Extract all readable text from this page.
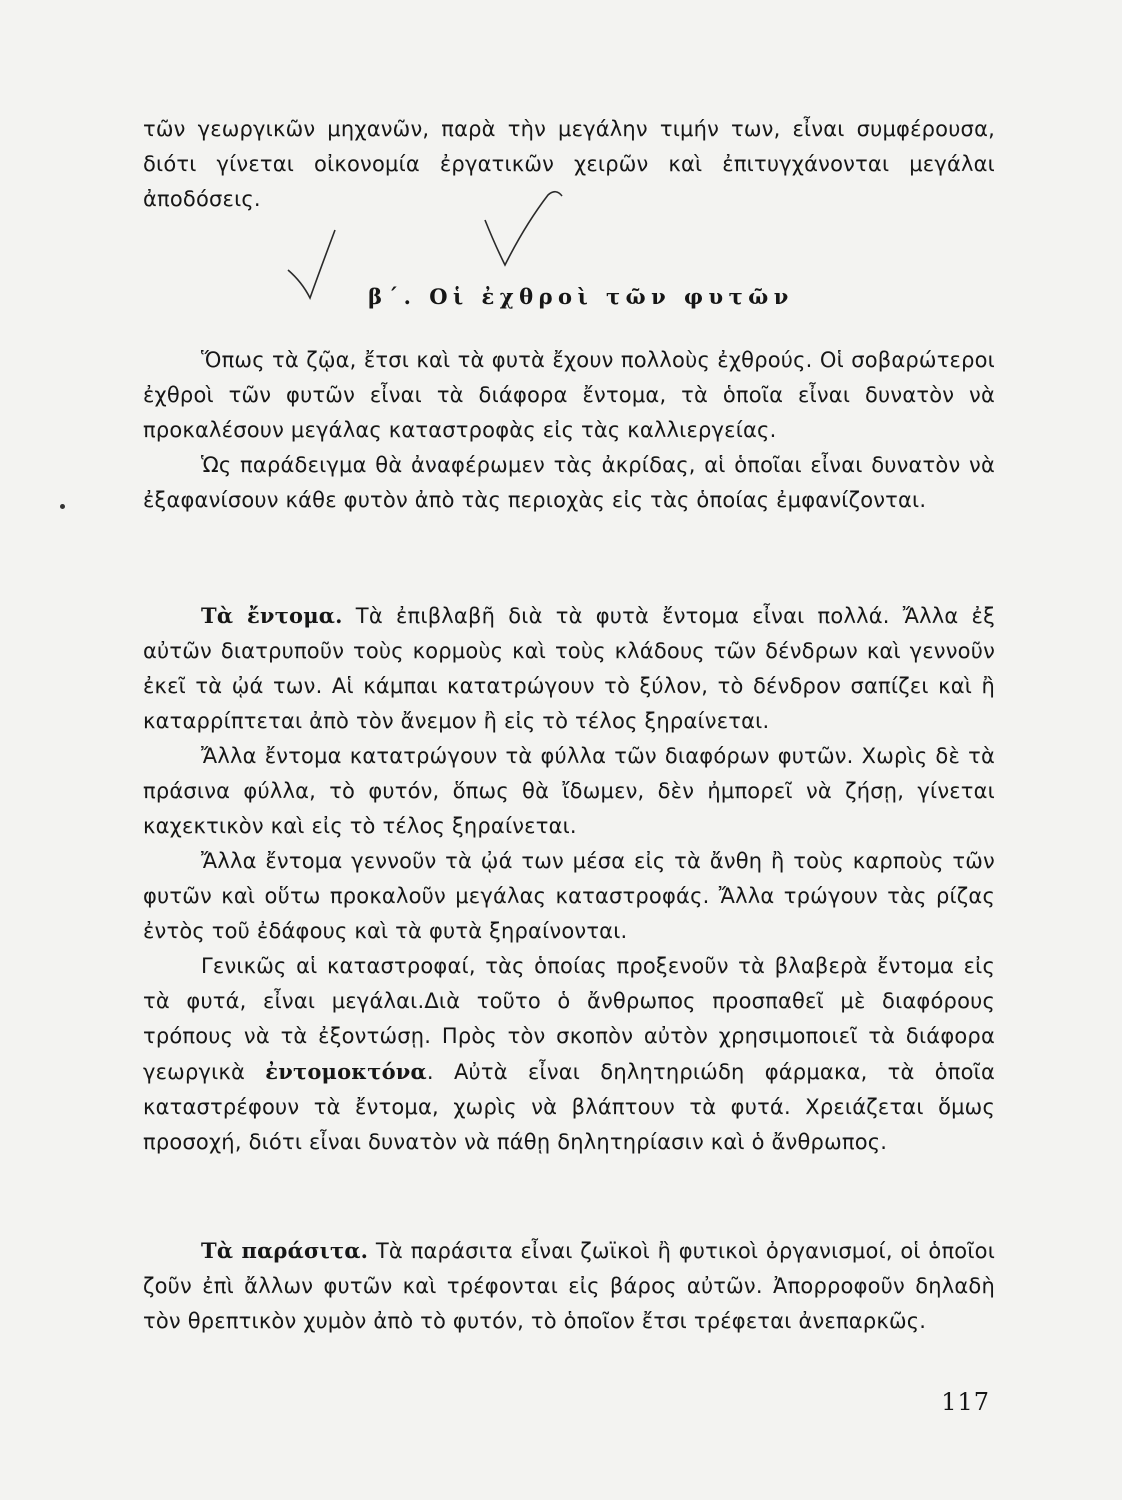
τῶν γεωργικῶν μηχανῶν, παρὰ τὴν μεγάλην τιμήν των, εἶναι συμφέρουσα, διότι γίνεται οἰκονομία ἐργατικῶν χειρῶν καὶ ἐπιτυγχάνονται μεγάλαι ἀποδόσεις.

β΄. Οἱ ἐχθροὶ τῶν φυτῶν

Ὅπως τὰ ζῷα, ἔτσι καὶ τὰ φυτὰ ἔχουν πολλοὺς ἐχθρούς. Οἱ σοβαρώτεροι ἐχθροὶ τῶν φυτῶν εἶναι τὰ διάφορα ἔντομα, τὰ ὁποῖα εἶναι δυνατὸν νὰ προκαλέσουν μεγάλας καταστροφὰς εἰς τὰς καλλιεργείας.

Ὡς παράδειγμα θὰ ἀναφέρωμεν τὰς ἀκρίδας, αἱ ὁποῖαι εἶναι δυνατὸν νὰ ἐξαφανίσουν κάθε φυτὸν ἀπὸ τὰς περιοχὰς εἰς τὰς ὁποίας ἐμφανίζονται.

Τὰ ἔντομα. Τὰ ἐπιβλαβῆ διὰ τὰ φυτὰ ἔντομα εἶναι πολλά. Ἄλλα ἐξ αὐτῶν διατρυποῦν τοὺς κορμοὺς καὶ τοὺς κλάδους τῶν δένδρων καὶ γεννοῦν ἐκεῖ τὰ ᾠά των. Αἱ κάμπαι κατατρώγουν τὸ ξύλον, τὸ δένδρον σαπίζει καὶ ἢ καταρρίπτεται ἀπὸ τὸν ἄνεμον ἢ εἰς τὸ τέλος ξηραίνεται.

Ἄλλα ἔντομα κατατρώγουν τὰ φύλλα τῶν διαφόρων φυτῶν. Χωρὶς δὲ τὰ πράσινα φύλλα, τὸ φυτόν, ὅπως θὰ ἴδωμεν, δὲν ἠμπορεῖ νὰ ζήσῃ, γίνεται καχεκτικὸν καὶ εἰς τὸ τέλος ξηραίνεται.

Ἄλλα ἔντομα γεννοῦν τὰ ᾠά των μέσα εἰς τὰ ἄνθη ἢ τοὺς καρποὺς τῶν φυτῶν καὶ οὕτω προκαλοῦν μεγάλας καταστροφάς. Ἄλλα τρώγουν τὰς ρίζας ἐντὸς τοῦ ἐδάφους καὶ τὰ φυτὰ ξηραίνονται.

Γενικῶς αἱ καταστροφαί, τὰς ὁποίας προξενοῦν τὰ βλαβερὰ ἔντομα εἰς τὰ φυτά, εἶναι μεγάλαι.Διὰ τοῦτο ὁ ἄνθρωπος προσπαθεῖ μὲ διαφόρους τρόπους νὰ τὰ ἐξοντώσῃ. Πρὸς τὸν σκοπὸν αὐτὸν χρησιμοποιεῖ τὰ διάφορα γεωργικὰ ἐντομοκτόνα. Αὐτὰ εἶναι δηλητηριώδη φάρμακα, τὰ ὁποῖα καταστρέφουν τὰ ἔντομα, χωρὶς νὰ βλάπτουν τὰ φυτά. Χρειάζεται ὅμως προσοχή, διότι εἶναι δυνατὸν νὰ πάθῃ δηλητηρίασιν καὶ ὁ ἄνθρωπος.

Τὰ παράσιτα. Τὰ παράσιτα εἶναι ζωϊκοὶ ἢ φυτικοὶ ὀργανισμοί, οἱ ὁποῖοι ζοῦν ἐπὶ ἄλλων φυτῶν καὶ τρέφονται εἰς βάρος αὐτῶν. Ἀπορροφοῦν δηλαδὴ τὸν θρεπτικὸν χυμὸν ἀπὸ τὸ φυτόν, τὸ ὁποῖον ἔτσι τρέφεται ἀνεπαρκῶς.

117
